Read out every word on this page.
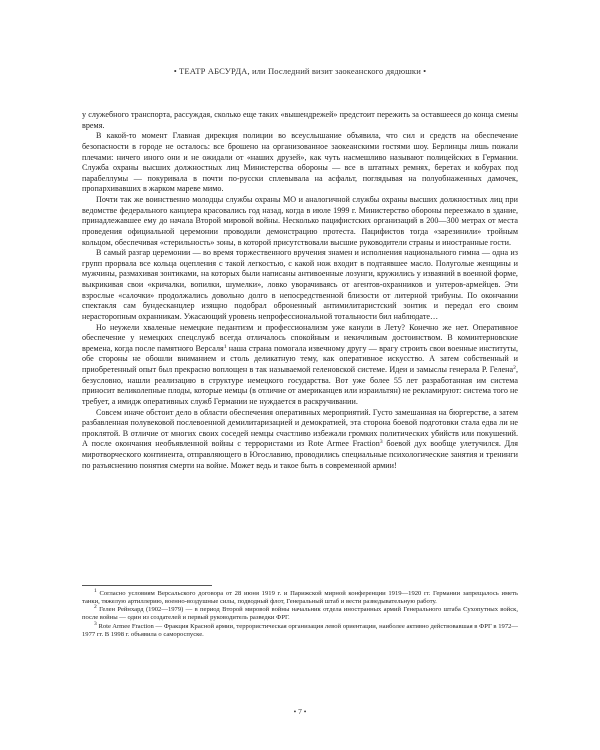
• ТЕАТР АБСУРДА, или Последний визит заокеанского дядюшки •

у служебного транспорта, рассуждая, сколько еще таких «вышендрежей» предстоит пережить за оставшееся до конца смены время.

В какой-то момент Главная дирекция полиции во всеуслышание объявила, что сил и средств на обеспечение безопасности в городе не осталось: все брошено на организованное заокеанскими гостями шоу. Берлинцы лишь пожали плечами: ничего иного они и не ожидали от «наших друзей», как чуть насмешливо называют полицейских в Германии. Служба охраны высших должностных лиц Министерства обороны — все в штатных ремнях, беретах и кобурах под парабеллумы — покуривала в почти по-русски сплевывала на асфальт, поглядывая на полуобнаженных дамочек, пропархивавших в жарком мареве мимо.

Почти так же воинственно молодцы службы охраны МО и аналогичной службы охраны высших должностных лиц при ведомстве федерального канцлера красовались год назад, когда в июле 1999 г. Министерство обороны переезжало в здание, принадлежавшее ему до начала Второй мировой войны. Несколько пацифистских организаций в 200—300 метрах от места проведения официальной церемонии проводили демонстрацию протеста. Пацифистов тогда «зарезинили» тройным кольцом, обеспечивая «стерильность» зоны, в которой присутствовали высшие руководители страны и иностранные гости.

В самый разгар церемонии — во время торжественного вручения знамен и исполнения национального гимна — одна из групп прорвала все кольца оцепления с такой легкостью, с какой нож входит в подтаявшее масло. Полуголые женщины и мужчины, размахивая зонтиками, на которых были написаны антивоенные лозунги, кружились у изваяний в военной форме, выкрикивая свои «кричалки, вопилки, шумелки», ловко уворачиваясь от агентов-охранников и унтеров-армейцев. Эти взрослые «салочки» продолжались довольно долго в непосредственной близости от литерной трибуны. По окончании спектакля сам бундесканцлер изящно подобрал оброненный антимилитаристский зонтик и передал его своим нерасторопным охранникам. Ужасающий уровень непрофессиональной тотальности бил наблюдате…

Но неужели хваленые немецкие педантизм и профессионализм уже канули в Лету? Конечно же нет. Оперативное обеспечение у немецких спецслужб всегда отличалось спокойным и некичливым достоинством. В коминтерновские времена, когда после памятного Версаля$^1$ наша страна помогала извечному другу — врагу строить свои военные институты, обе стороны не обошли вниманием и столь деликатную тему, как оперативное искусство. А затем собственный и приобретенный опыт был прекрасно воплощен в так называемой геленовской системе. Идеи и замыслы генерала Р. Гелена$^2$, безусловно, нашли реализацию в структуре немецкого государства. Вот уже более 55 лет разработанная им система приносит великолепные плоды, которые немцы (в отличие от американцев или израильтян) не рекламируют: система того не требует, а имидж оперативных служб Германии не нуждается в раскручивании.

Совсем иначе обстоит дело в области обеспечения оперативных мероприятий. Густо замешанная на бюргерстве, а затем разбавленная полувековой послевоенной демилитаризацией и демократией, эта сторона боевой подготовки стала едва ли не проклятой. В отличие от многих своих соседей немцы счастливо избежали громких политических убийств или покушений. А после окончания необъявленной войны с террористами из Rote Armee Fraction$^3$ боевой дух вообще улетучился. Для миротворческого континента, отправляющего в Югославию, проводились специальные психологические занятия и тренинги по разъяснению понятия смерти на войне. Может ведь и такое быть в современной армии!

$^1$ Согласно условиям Версальского договора от 28 июня 1919 г. и Парижской мирной конференции 1919—1920 гг. Германии запрещалось иметь танки, тяжелую артиллерию, военно-воздушные силы, подводный флот, Генеральный штаб и вести разведывательную работу.

$^2$ Гелен Рейнхард (1902—1979) — в период Второй мировой войны начальник отдела иностранных армий Генерального штаба Сухопутных войск, после войны — один из создателей и первый руководитель разведки ФРГ.

$^3$ Rote Armee Fraction — Фракция Красной армии, террористическая организация левой ориентации, наиболее активно действовавшая в ФРГ в 1972—1977 гг. В 1998 г. объявила о самороспуске.

• 7 •
